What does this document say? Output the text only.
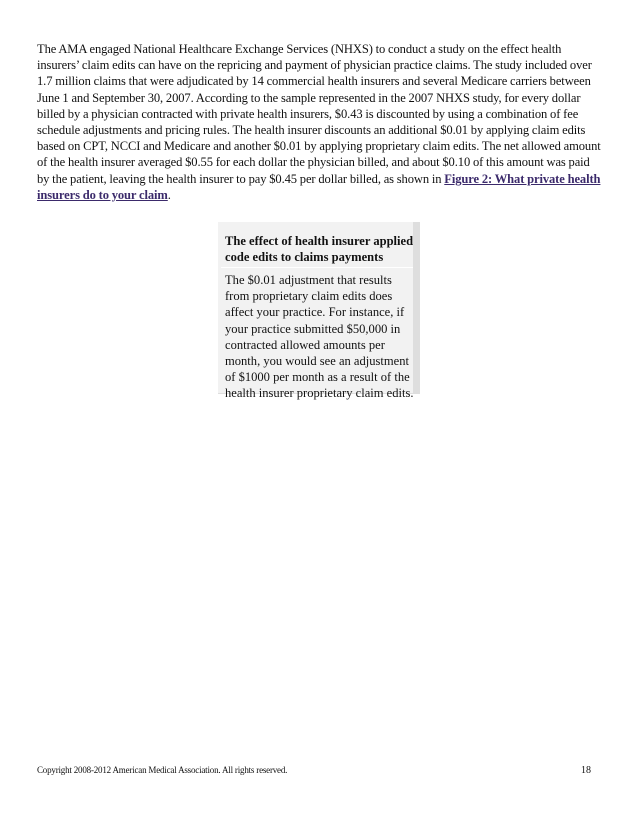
The AMA engaged National Healthcare Exchange Services (NHXS) to conduct a study on the effect health insurers’ claim edits can have on the repricing and payment of physician practice claims. The study included over 1.7 million claims that were adjudicated by 14 commercial health insurers and several Medicare carriers between June 1 and September 30, 2007. According to the sample represented in the 2007 NHXS study, for every dollar billed by a physician contracted with private health insurers, $0.43 is discounted by using a combination of fee schedule adjustments and pricing rules. The health insurer discounts an additional $0.01 by applying claim edits based on CPT, NCCI and Medicare and another $0.01 by applying proprietary claim edits. The net allowed amount of the health insurer averaged $0.55 for each dollar the physician billed, and about $0.10 of this amount was paid by the patient, leaving the health insurer to pay $0.45 per dollar billed, as shown in Figure 2: What private health insurers do to your claim.

The effect of health insurer applied code edits to claims payments

The $0.01 adjustment that results from proprietary claim edits does affect your practice. For instance, if your practice submitted $50,000 in contracted allowed amounts per month, you would see an adjustment of $1000 per month as a result of the health insurer proprietary claim edits.

Copyright 2008-2012 American Medical Association. All rights reserved.	18
